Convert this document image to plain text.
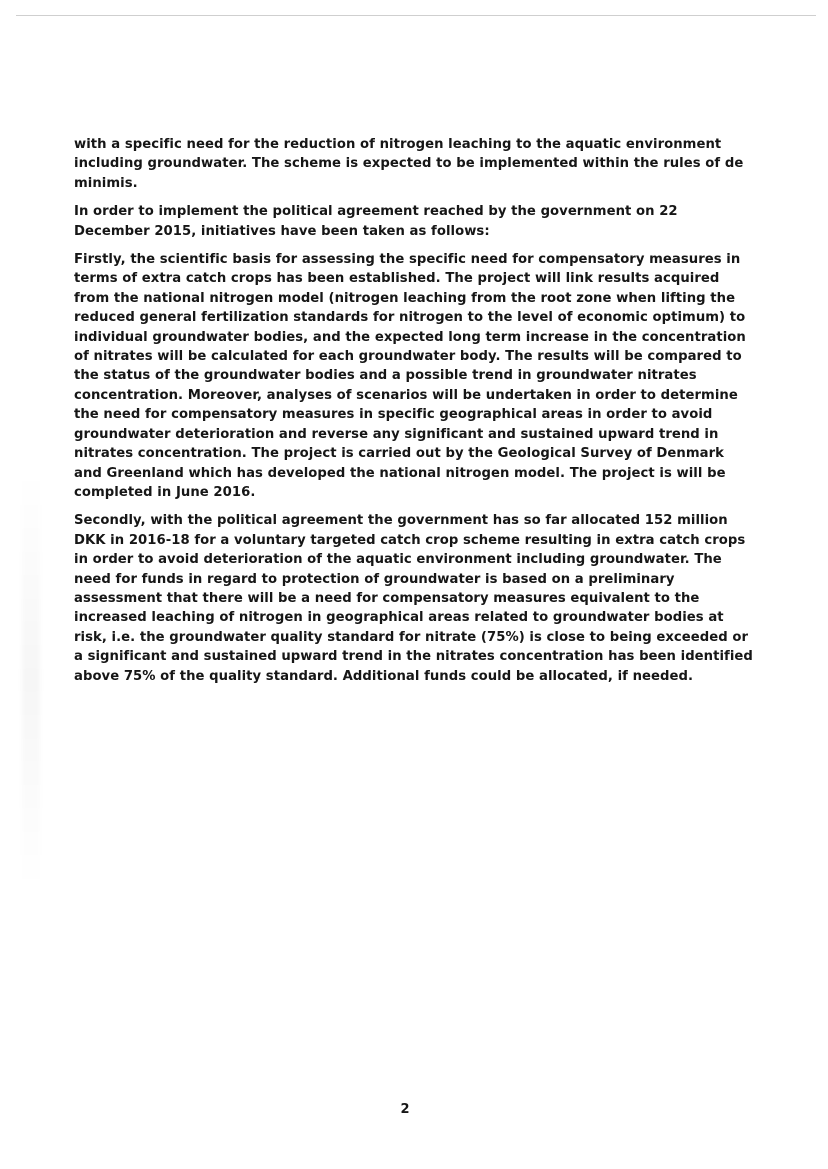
with a specific need for the reduction of nitrogen leaching to the aquatic environment including groundwater. The scheme is expected to be implemented within the rules of de minimis.

In order to implement the political agreement reached by the government on 22 December 2015, initiatives have been taken as follows:

Firstly, the scientific basis for assessing the specific need for compensatory measures in terms of extra catch crops has been established. The project will link results acquired from the national nitrogen model (nitrogen leaching from the root zone when lifting the reduced general fertilization standards for nitrogen to the level of economic optimum) to individual groundwater bodies, and the expected long term increase in the concentration of nitrates will be calculated for each groundwater body. The results will be compared to the status of the groundwater bodies and a possible trend in groundwater nitrates concentration. Moreover, analyses of scenarios will be undertaken in order to determine the need for compensatory measures in specific geographical areas in order to avoid groundwater deterioration and reverse any significant and sustained upward trend in nitrates concentration. The project is carried out by the Geological Survey of Denmark and Greenland which has developed the national nitrogen model. The project is will be completed in June 2016.

Secondly, with the political agreement the government has so far allocated 152 million DKK in 2016-18 for a voluntary targeted catch crop scheme resulting in extra catch crops in order to avoid deterioration of the aquatic environment including groundwater. The need for funds in regard to protection of groundwater is based on a preliminary assessment that there will be a need for compensatory measures equivalent to the increased leaching of nitrogen in geographical areas related to groundwater bodies at risk, i.e. the groundwater quality standard for nitrate (75%) is close to being exceeded or a significant and sustained upward trend in the nitrates concentration has been identified above 75% of the quality standard. Additional funds could be allocated, if needed.

2
